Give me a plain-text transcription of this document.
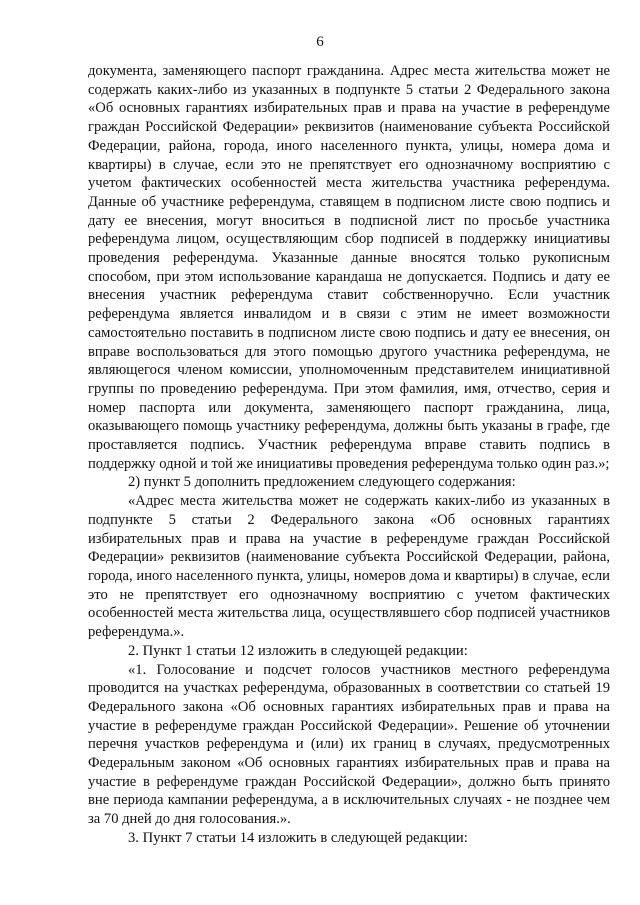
6

документа, заменяющего паспорт гражданина. Адрес места жительства может не содержать каких-либо из указанных в подпункте 5 статьи 2 Федерального закона «Об основных гарантиях избирательных прав и права на участие в референдуме граждан Российской Федерации» реквизитов (наименование субъекта Российской Федерации, района, города, иного населенного пункта, улицы, номера дома и квартиры) в случае, если это не препятствует его однозначному восприятию с учетом фактических особенностей места жительства участника референдума. Данные об участнике референдума, ставящем в подписном листе свою подпись и дату ее внесения, могут вноситься в подписной лист по просьбе участника референдума лицом, осуществляющим сбор подписей в поддержку инициативы проведения референдума. Указанные данные вносятся только рукописным способом, при этом использование карандаша не допускается. Подпись и дату ее внесения участник референдума ставит собственноручно. Если участник референдума является инвалидом и в связи с этим не имеет возможности самостоятельно поставить в подписном листе свою подпись и дату ее внесения, он вправе воспользоваться для этого помощью другого участника референдума, не являющегося членом комиссии, уполномоченным представителем инициативной группы по проведению референдума. При этом фамилия, имя, отчество, серия и номер паспорта или документа, заменяющего паспорт гражданина, лица, оказывающего помощь участнику референдума, должны быть указаны в графе, где проставляется подпись. Участник референдума вправе ставить подпись в поддержку одной и той же инициативы проведения референдума только один раз.»;

2) пункт 5 дополнить предложением следующего содержания:

«Адрес места жительства может не содержать каких-либо из указанных в подпункте 5 статьи 2 Федерального закона «Об основных гарантиях избирательных прав и права на участие в референдуме граждан Российской Федерации» реквизитов (наименование субъекта Российской Федерации, района, города, иного населенного пункта, улицы, номеров дома и квартиры) в случае, если это не препятствует его однозначному восприятию с учетом фактических особенностей места жительства лица, осуществлявшего сбор подписей участников референдума.».

2. Пункт 1 статьи 12 изложить в следующей редакции:

«1. Голосование и подсчет голосов участников местного референдума проводится на участках референдума, образованных в соответствии со статьей 19 Федерального закона «Об основных гарантиях избирательных прав и права на участие в референдуме граждан Российской Федерации». Решение об уточнении перечня участков референдума и (или) их границ в случаях, предусмотренных Федеральным законом «Об основных гарантиях избирательных прав и права на участие в референдуме граждан Российской Федерации», должно быть принято вне периода кампании референдума, а в исключительных случаях - не позднее чем за 70 дней до дня голосования.».

3. Пункт 7 статьи 14 изложить в следующей редакции:
